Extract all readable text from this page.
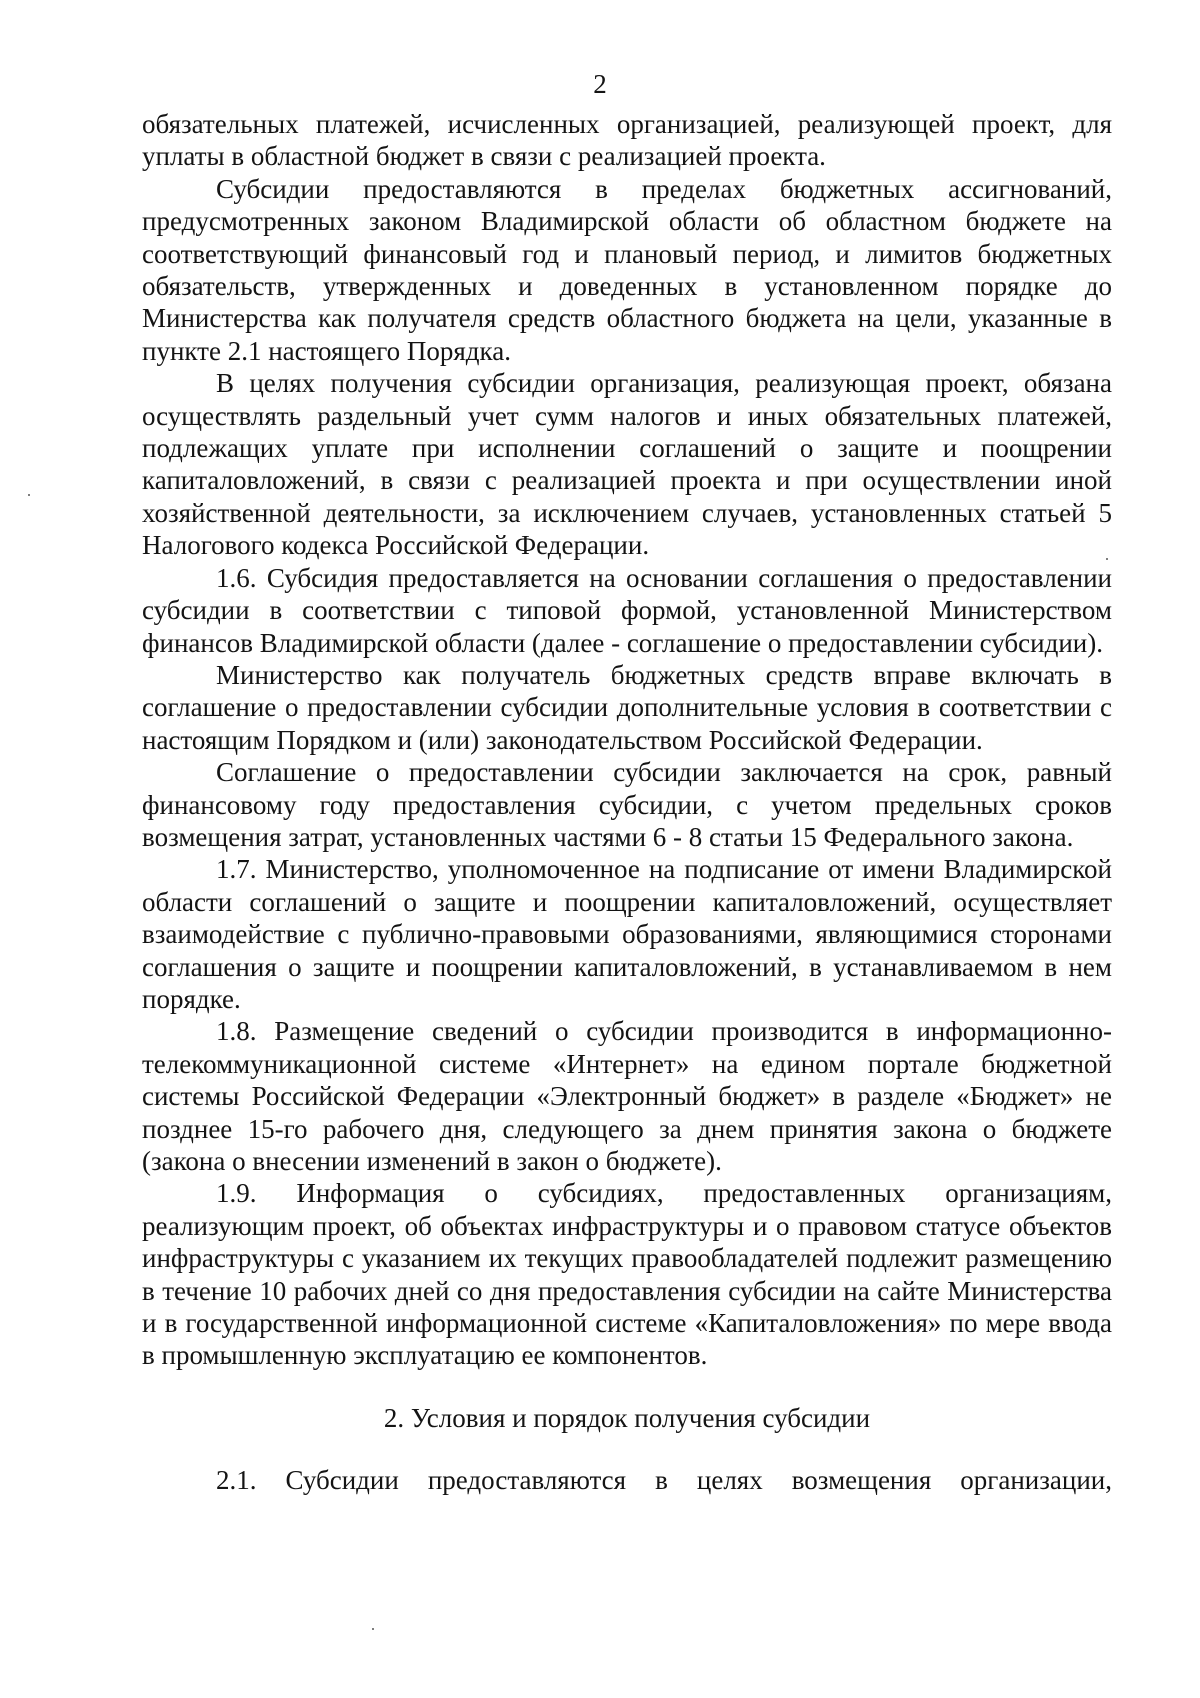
2

обязательных платежей, исчисленных организацией, реализующей проект, для уплаты в областной бюджет в связи с реализацией проекта.

Субсидии предоставляются в пределах бюджетных ассигнований, предусмотренных законом Владимирской области об областном бюджете на соответствующий финансовый год и плановый период, и лимитов бюджетных обязательств, утвержденных и доведенных в установленном порядке до Министерства как получателя средств областного бюджета на цели, указанные в пункте 2.1 настоящего Порядка.

В целях получения субсидии организация, реализующая проект, обязана осуществлять раздельный учет сумм налогов и иных обязательных платежей, подлежащих уплате при исполнении соглашений о защите и поощрении капиталовложений, в связи с реализацией проекта и при осуществлении иной хозяйственной деятельности, за исключением случаев, установленных статьей 5 Налогового кодекса Российской Федерации.

1.6. Субсидия предоставляется на основании соглашения о предоставлении субсидии в соответствии с типовой формой, установленной Министерством финансов Владимирской области (далее - соглашение о предоставлении субсидии).

Министерство как получатель бюджетных средств вправе включать в соглашение о предоставлении субсидии дополнительные условия в соответствии с настоящим Порядком и (или) законодательством Российской Федерации.

Соглашение о предоставлении субсидии заключается на срок, равный финансовому году предоставления субсидии, с учетом предельных сроков возмещения затрат, установленных частями 6 - 8 статьи 15 Федерального закона.

1.7. Министерство, уполномоченное на подписание от имени Владимирской области соглашений о защите и поощрении капиталовложений, осуществляет взаимодействие с публично-правовыми образованиями, являющимися сторонами соглашения о защите и поощрении капиталовложений, в устанавливаемом в нем порядке.

1.8. Размещение сведений о субсидии производится в информационно-телекоммуникационной системе «Интернет» на едином портале бюджетной системы Российской Федерации «Электронный бюджет» в разделе «Бюджет» не позднее 15-го рабочего дня, следующего за днем принятия закона о бюджете (закона о внесении изменений в закон о бюджете).

1.9. Информация о субсидиях, предоставленных организациям, реализующим проект, об объектах инфраструктуры и о правовом статусе объектов инфраструктуры с указанием их текущих правообладателей подлежит размещению в течение 10 рабочих дней со дня предоставления субсидии на сайте Министерства и в государственной информационной системе «Капиталовложения» по мере ввода в промышленную эксплуатацию ее компонентов.

2. Условия и порядок получения субсидии

2.1. Субсидии предоставляются в целях возмещения организации,
